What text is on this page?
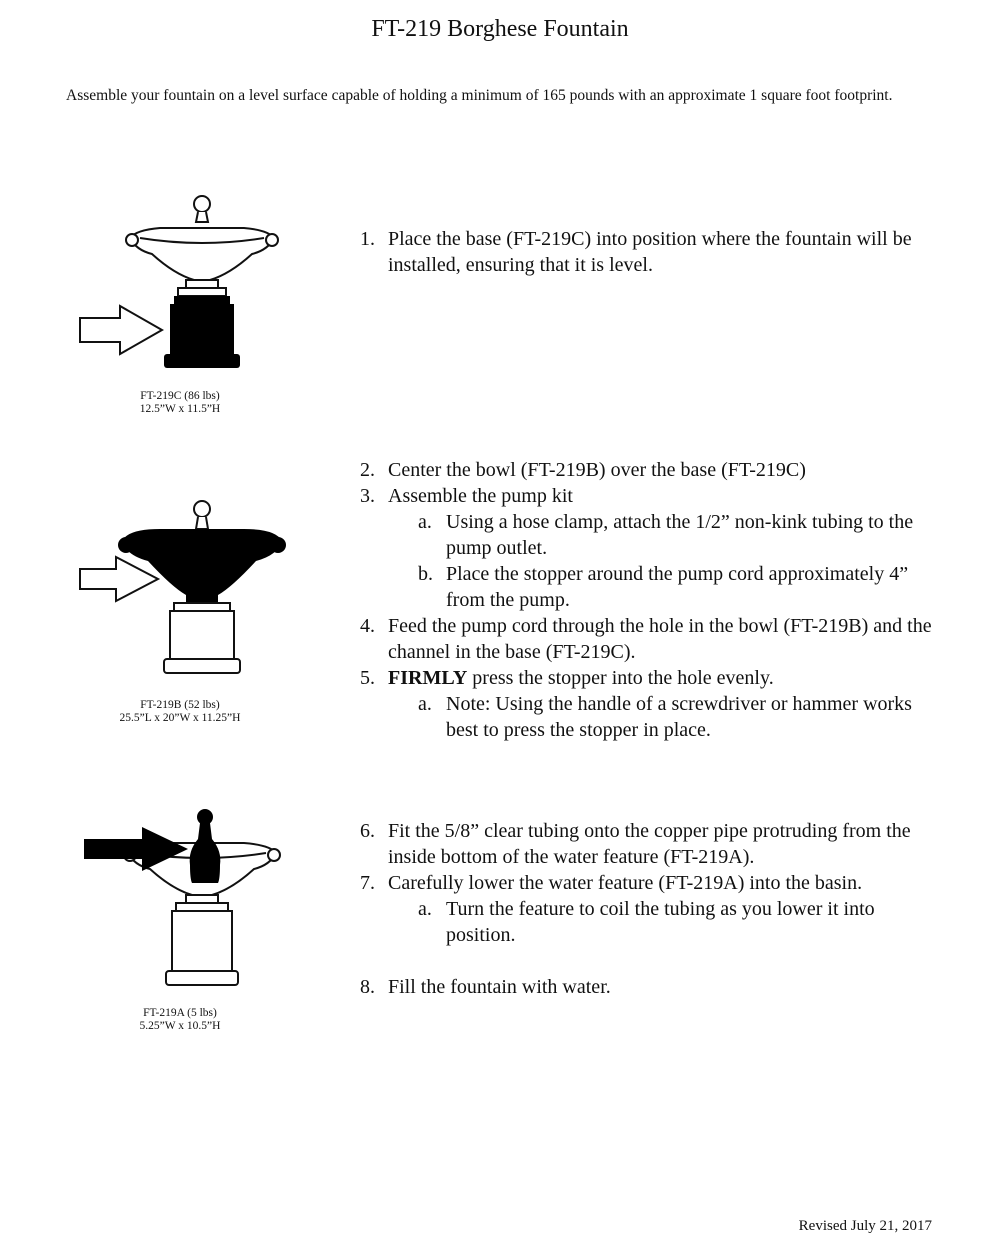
FT-219 Borghese Fountain
Assemble your fountain on a level surface capable of holding a minimum of 165 pounds with an approximate 1 square foot footprint.
FT-219C (86 lbs)
12.5”W x 11.5”H
FT-219B (52 lbs)
25.5”L x 20”W x 11.25”H
FT-219A (5 lbs)
5.25”W x 10.5”H
1. Place the base (FT-219C) into position where the fountain will be installed, ensuring that it is level.
2. Center the bowl (FT-219B) over the base (FT-219C)
3. Assemble the pump kit
a. Using a hose clamp, attach the 1/2” non-kink tubing to the pump outlet.
b. Place the stopper around the pump cord approximately 4” from the pump.
4. Feed the pump cord through the hole in the bowl (FT-219B) and the channel in the base (FT-219C).
5. FIRMLY press the stopper into the hole evenly.
a. Note: Using the handle of a screwdriver or hammer works best to press the stopper in place.
6. Fit the 5/8” clear tubing onto the copper pipe protruding from the inside bottom of the water feature (FT-219A).
7. Carefully lower the water feature (FT-219A) into the basin.
a. Turn the feature to coil the tubing as you lower it into position.
8. Fill the fountain with water.
Revised July 21, 2017
